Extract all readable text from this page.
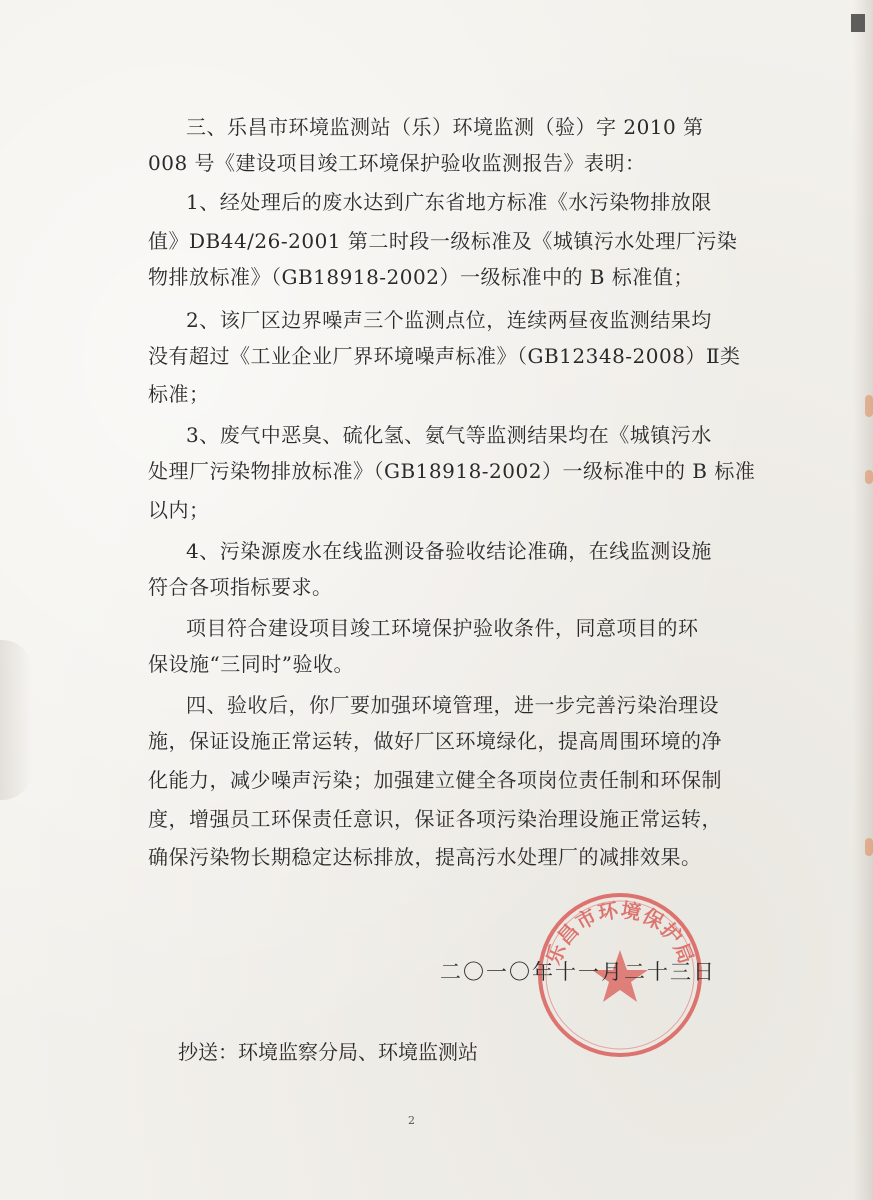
三、乐昌市环境监测站（乐）环境监测（验）字 2010 第
008 号《建设项目竣工环境保护验收监测报告》表明：
1、经处理后的废水达到广东省地方标准《水污染物排放限
值》DB44/26-2001 第二时段一级标准及《城镇污水处理厂污染
物排放标准》（GB18918-2002）一级标准中的 B 标准值；
2、该厂区边界噪声三个监测点位，连续两昼夜监测结果均
没有超过《工业企业厂界环境噪声标准》（GB12348-2008）Ⅱ类
标准；
3、废气中恶臭、硫化氢、氨气等监测结果均在《城镇污水
处理厂污染物排放标准》（GB18918-2002）一级标准中的 B 标准
以内；
4、污染源废水在线监测设备验收结论准确，在线监测设施
符合各项指标要求。
项目符合建设项目竣工环境保护验收条件，同意项目的环
保设施“三同时”验收。
四、验收后，你厂要加强环境管理，进一步完善污染治理设
施，保证设施正常运转，做好厂区环境绿化，提高周围环境的净
化能力，减少噪声污染；加强建立健全各项岗位责任制和环保制
度，增强员工环保责任意识，保证各项污染治理设施正常运转，
确保污染物长期稳定达标排放，提高污水处理厂的减排效果。
乐昌市环境保护局
二〇一〇年十一月二十三日
抄送：环境监察分局、环境监测站
2
